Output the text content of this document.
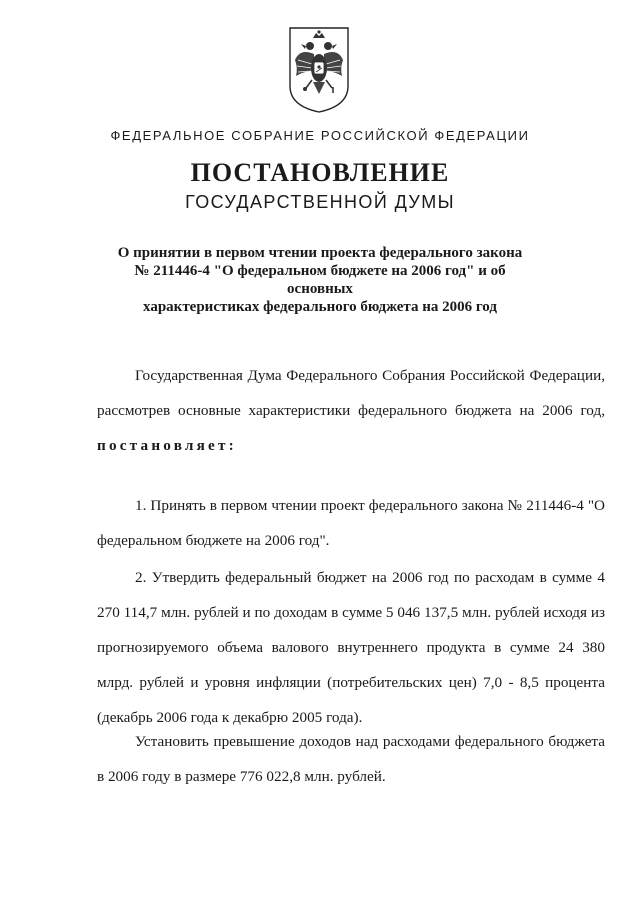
ФЕДЕРАЛЬНОЕ СОБРАНИЕ РОССИЙСКОЙ ФЕДЕРАЦИИ
ПОСТАНОВЛЕНИЕ
ГОСУДАРСТВЕННОЙ ДУМЫ
О принятии в первом чтении проекта федерального закона
№ 211446-4 "О федеральном бюджете на 2006 год" и об основных
характеристиках федерального бюджета на 2006 год
Государственная Дума Федерального Собрания Российской Федерации, рассмотрев основные характеристики федерального бюджета на 2006 год, постановляет:
1. Принять в первом чтении проект федерального закона № 211446-4 "О федеральном бюджете на 2006 год".
2. Утвердить федеральный бюджет на 2006 год по расходам в сумме 4 270 114,7 млн. рублей и по доходам в сумме 5 046 137,5 млн. рублей исходя из прогнозируемого объема валового внутреннего продукта в сумме 24 380 млрд. рублей и уровня инфляции (потребительских цен) 7,0 - 8,5 процента (декабрь 2006 года к декабрю 2005 года).
Установить превышение доходов над расходами федерального бюджета в 2006 году в размере 776 022,8 млн. рублей.
